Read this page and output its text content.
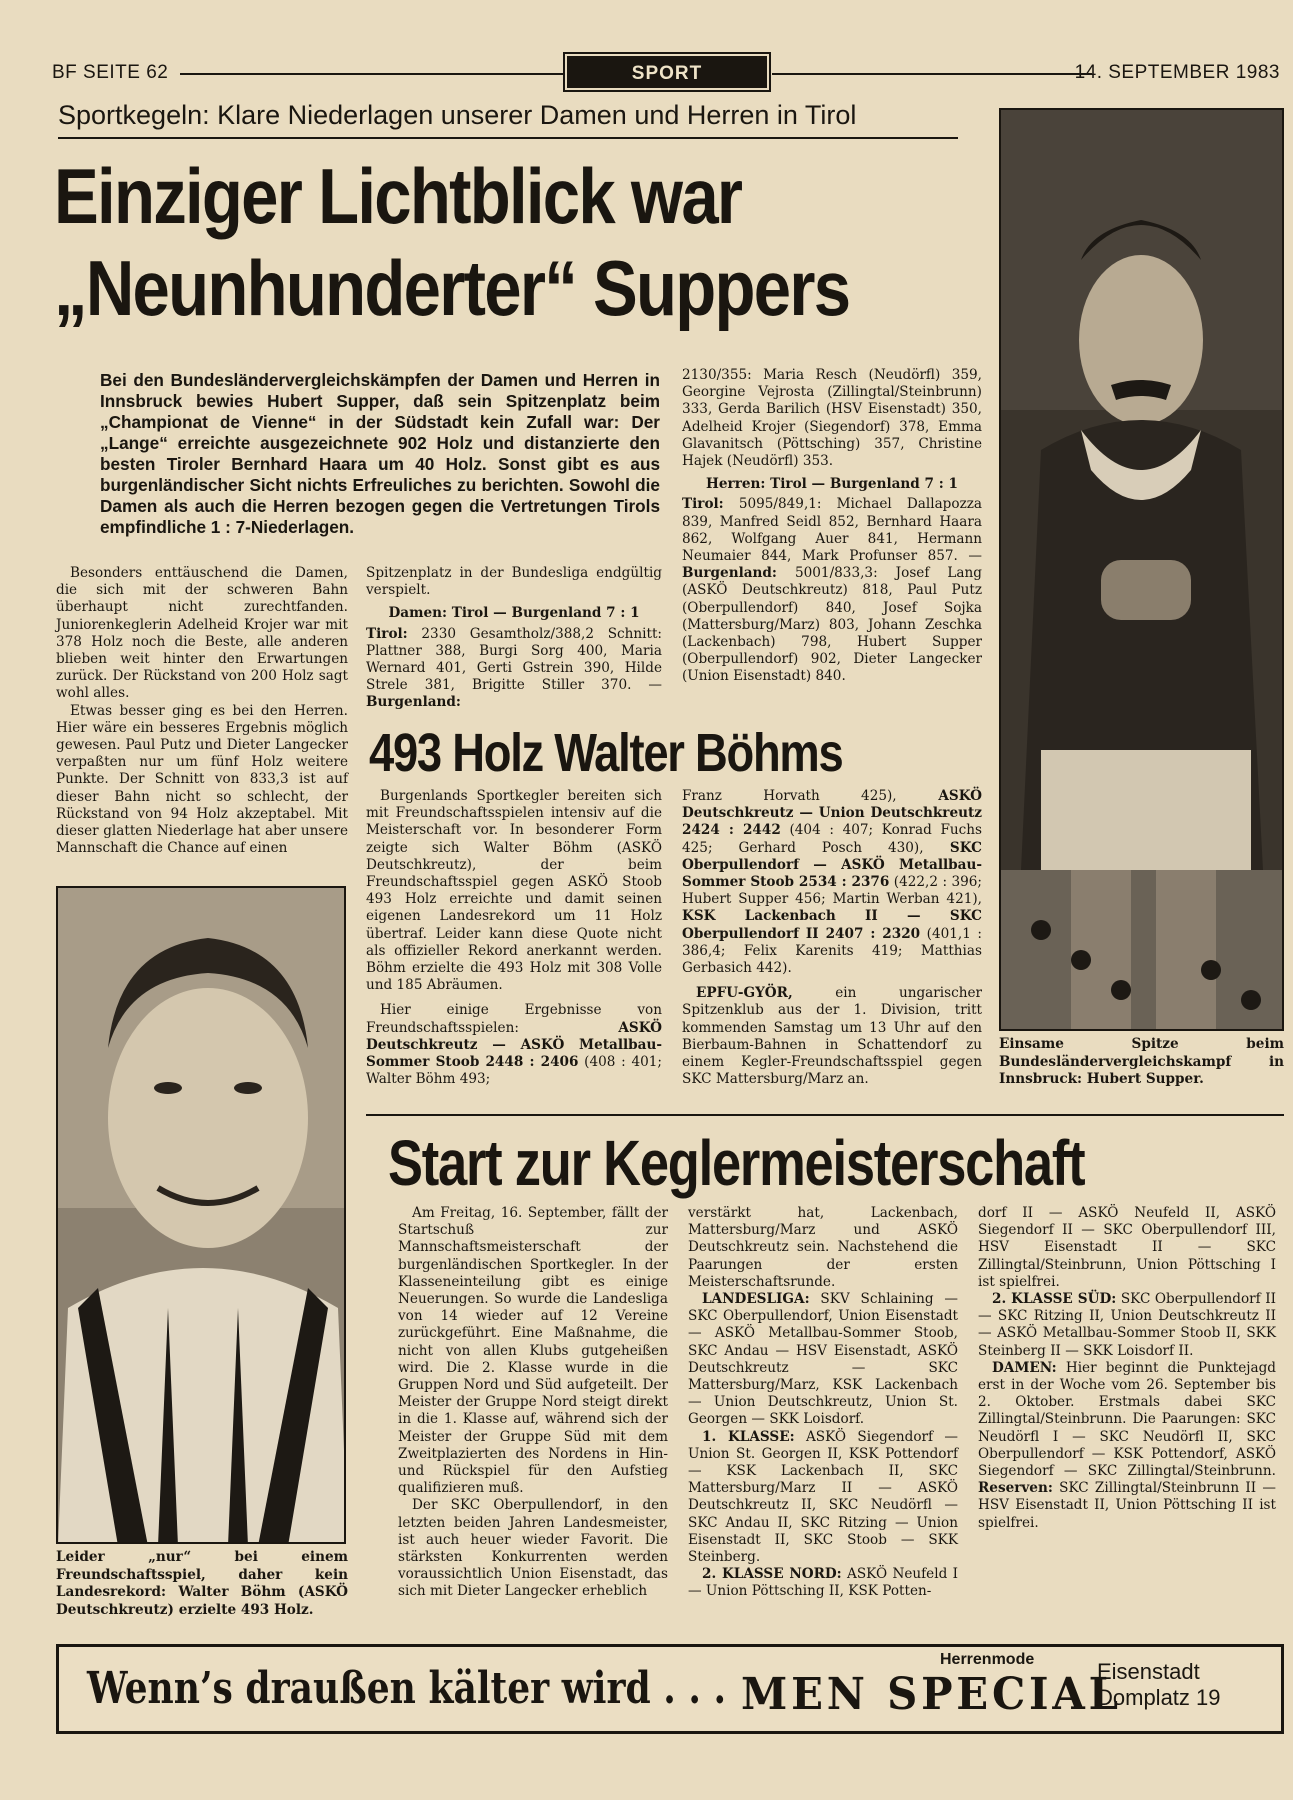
BF SEITE 62	SPORT	14. SEPTEMBER 1983
Sportkegeln: Klare Niederlagen unserer Damen und Herren in Tirol
Einziger Lichtblick war
„Neunhunderter“ Suppers
Bei den Bundesländervergleichskämpfen der Damen und Herren in Innsbruck bewies Hubert Supper, daß sein Spitzenplatz beim „Championat de Vienne“ in der Südstadt kein Zufall war: Der „Lange“ erreichte ausgezeichnete 902 Holz und distanzierte den besten Tiroler Bernhard Haara um 40 Holz. Sonst gibt es aus burgenländischer Sicht nichts Erfreuliches zu berichten. Sowohl die Damen als auch die Herren bezogen gegen die Vertretungen Tirols empfindliche 1 : 7-Niederlagen.

Besonders enttäuschend die Damen, die sich mit der schweren Bahn überhaupt nicht zurechtfanden. Juniorenkeglerin Adelheid Krojer war mit 378 Holz noch die Beste, alle anderen blieben weit hinter den Erwartungen zurück. Der Rückstand von 200 Holz sagt wohl alles.

Etwas besser ging es bei den Herren. Hier wäre ein besseres Ergebnis möglich gewesen. Paul Putz und Dieter Langecker verpaßten nur um fünf Holz weitere Punkte. Der Schnitt von 833,3 ist auf dieser Bahn nicht so schlecht, der Rückstand von 94 Holz akzeptabel. Mit dieser glatten Niederlage hat aber unsere Mannschaft die Chance auf einen

Spitzenplatz in der Bundesliga endgültig verspielt.

Damen: Tirol — Burgenland 7 : 1

Tirol: 2330 Gesamtholz/388,2 Schnitt: Plattner 388, Burgi Sorg 400, Maria Wernard 401, Gerti Gstrein 390, Hilde Strele 381, Brigitte Stiller 370. — Burgenland:

2130/355: Maria Resch (Neudörfl) 359, Georgine Vejrosta (Zillingtal/Steinbrunn) 333, Gerda Barilich (HSV Eisenstadt) 350, Adelheid Krojer (Siegendorf) 378, Emma Glavanitsch (Pöttsching) 357, Christine Hajek (Neudörfl) 353.

Herren: Tirol — Burgenland 7 : 1

Tirol: 5095/849,1: Michael Dallapozza 839, Manfred Seidl 852, Bernhard Haara 862, Wolfgang Auer 841, Hermann Neumaier 844, Mark Profunser 857. — Burgenland: 5001/833,3: Josef Lang (ASKÖ Deutschkreutz) 818, Paul Putz (Oberpullendorf) 840, Josef Sojka (Mattersburg/Marz) 803, Johann Zeschka (Lackenbach) 798, Hubert Supper (Oberpullendorf) 902, Dieter Langecker (Union Eisenstadt) 840.

Einsame Spitze beim Bundesländervergleichskampf in Innsbruck: Hubert Supper.
493 Holz Walter Böhms

Burgenlands Sportkegler bereiten sich mit Freundschaftsspielen intensiv auf die Meisterschaft vor. In besonderer Form zeigte sich Walter Böhm (ASKÖ Deutschkreutz), der beim Freundschaftsspiel gegen ASKÖ Stoob 493 Holz erreichte und damit seinen eigenen Landesrekord um 11 Holz übertraf. Leider kann diese Quote nicht als offizieller Rekord anerkannt werden. Böhm erzielte die 493 Holz mit 308 Volle und 185 Abräumen.

Hier einige Ergebnisse von Freundschaftsspielen:	ASKÖ Deutschkreutz — ASKÖ Metallbau-Sommer Stoob 2448 : 2406 (408 : 401; Walter Böhm 493;

Franz Horvath 425), ASKÖ Deutschkreutz — Union Deutschkreutz 2424 : 2442 (404 : 407; Konrad Fuchs 425; Gerhard Posch 430), SKC Oberpullendorf — ASKÖ Metallbau-Sommer Stoob 2534 : 2376 (422,2 : 396; Hubert Supper 456; Martin Werban 421), KSK Lackenbach II — SKC Oberpullendorf II 2407 : 2320 (401,1 : 386,4; Felix Karenits 419; Matthias Gerbasich 442).

EPFU-GYÖR, ein ungarischer Spitzenklub aus der 1. Division, tritt kommenden Samstag um 13 Uhr auf den Bierbaum-Bahnen in Schattendorf zu einem Kegler-Freundschaftsspiel gegen SKC Mattersburg/Marz an.

Leider „nur“ bei einem Freundschaftsspiel, daher kein Landesrekord: Walter Böhm (ASKÖ Deutschkreutz) erzielte 493 Holz.
Start zur Keglermeisterschaft

Am Freitag, 16. September, fällt der Startschuß zur Mannschaftsmeisterschaft der burgenländischen Sportkegler. In der Klasseneinteilung gibt es einige Neuerungen. So wurde die Landesliga von 14 wieder auf 12 Vereine zurückgeführt. Eine Maßnahme, die nicht von allen Klubs gutgeheißen wird. Die 2. Klasse wurde in die Gruppen Nord und Süd aufgeteilt. Der Meister der Gruppe Nord steigt direkt in die 1. Klasse auf, während sich der Meister der Gruppe Süd mit dem Zweitplazierten des Nordens in Hin- und Rückspiel für den Aufstieg qualifizieren muß.

Der SKC Oberpullendorf, in den letzten beiden Jahren Landesmeister, ist auch heuer wieder Favorit. Die stärksten Konkurrenten werden voraussichtlich Union Eisenstadt, das sich mit Dieter Langecker erheblich

verstärkt hat, Lackenbach, Mattersburg/Marz und ASKÖ Deutschkreutz sein. Nachstehend die Paarungen der ersten Meisterschaftsrunde.

LANDESLIGA: SKV Schlaining — SKC Oberpullendorf, Union Eisenstadt — ASKÖ Metallbau-Sommer Stoob, SKC Andau — HSV Eisenstadt, ASKÖ Deutschkreutz — SKC Mattersburg/Marz, KSK Lackenbach — Union Deutschkreutz, Union St. Georgen — SKK Loisdorf.

1. KLASSE: ASKÖ Siegendorf — Union St. Georgen II, KSK Pottendorf — KSK Lackenbach II, SKC Mattersburg/Marz II — ASKÖ Deutschkreutz II, SKC Neudörfl — SKC Andau II, SKC Ritzing — Union Eisenstadt II, SKC Stoob — SKK Steinberg.

2. KLASSE NORD: ASKÖ Neufeld I — Union Pöttsching II, KSK Potten-

dorf II — ASKÖ Neufeld II, ASKÖ Siegendorf II — SKC Oberpullendorf III, HSV Eisenstadt II — SKC Zillingtal/Steinbrunn, Union Pöttsching I ist spielfrei.

2. KLASSE SÜD: SKC Oberpullendorf II — SKC Ritzing II, Union Deutschkreutz II — ASKÖ Metallbau-Sommer Stoob II, SKK Steinberg II — SKK Loisdorf II.

DAMEN: Hier beginnt die Punktejagd erst in der Woche vom 26. September bis 2. Oktober. Erstmals dabei SKC Zillingtal/Steinbrunn. Die Paarungen: SKC Neudörfl I — SKC Neudörfl II, SKC Oberpullendorf — KSK Pottendorf, ASKÖ Siegendorf — SKC Zillingtal/Steinbrunn. Reserven: SKC Zillingtal/Steinbrunn II — HSV Eisenstadt II, Union Pöttsching II ist spielfrei.

Wenn’s draußen kälter wird . . .
Herrenmode
MEN SPECIAL
Eisenstadt
Domplatz 19
